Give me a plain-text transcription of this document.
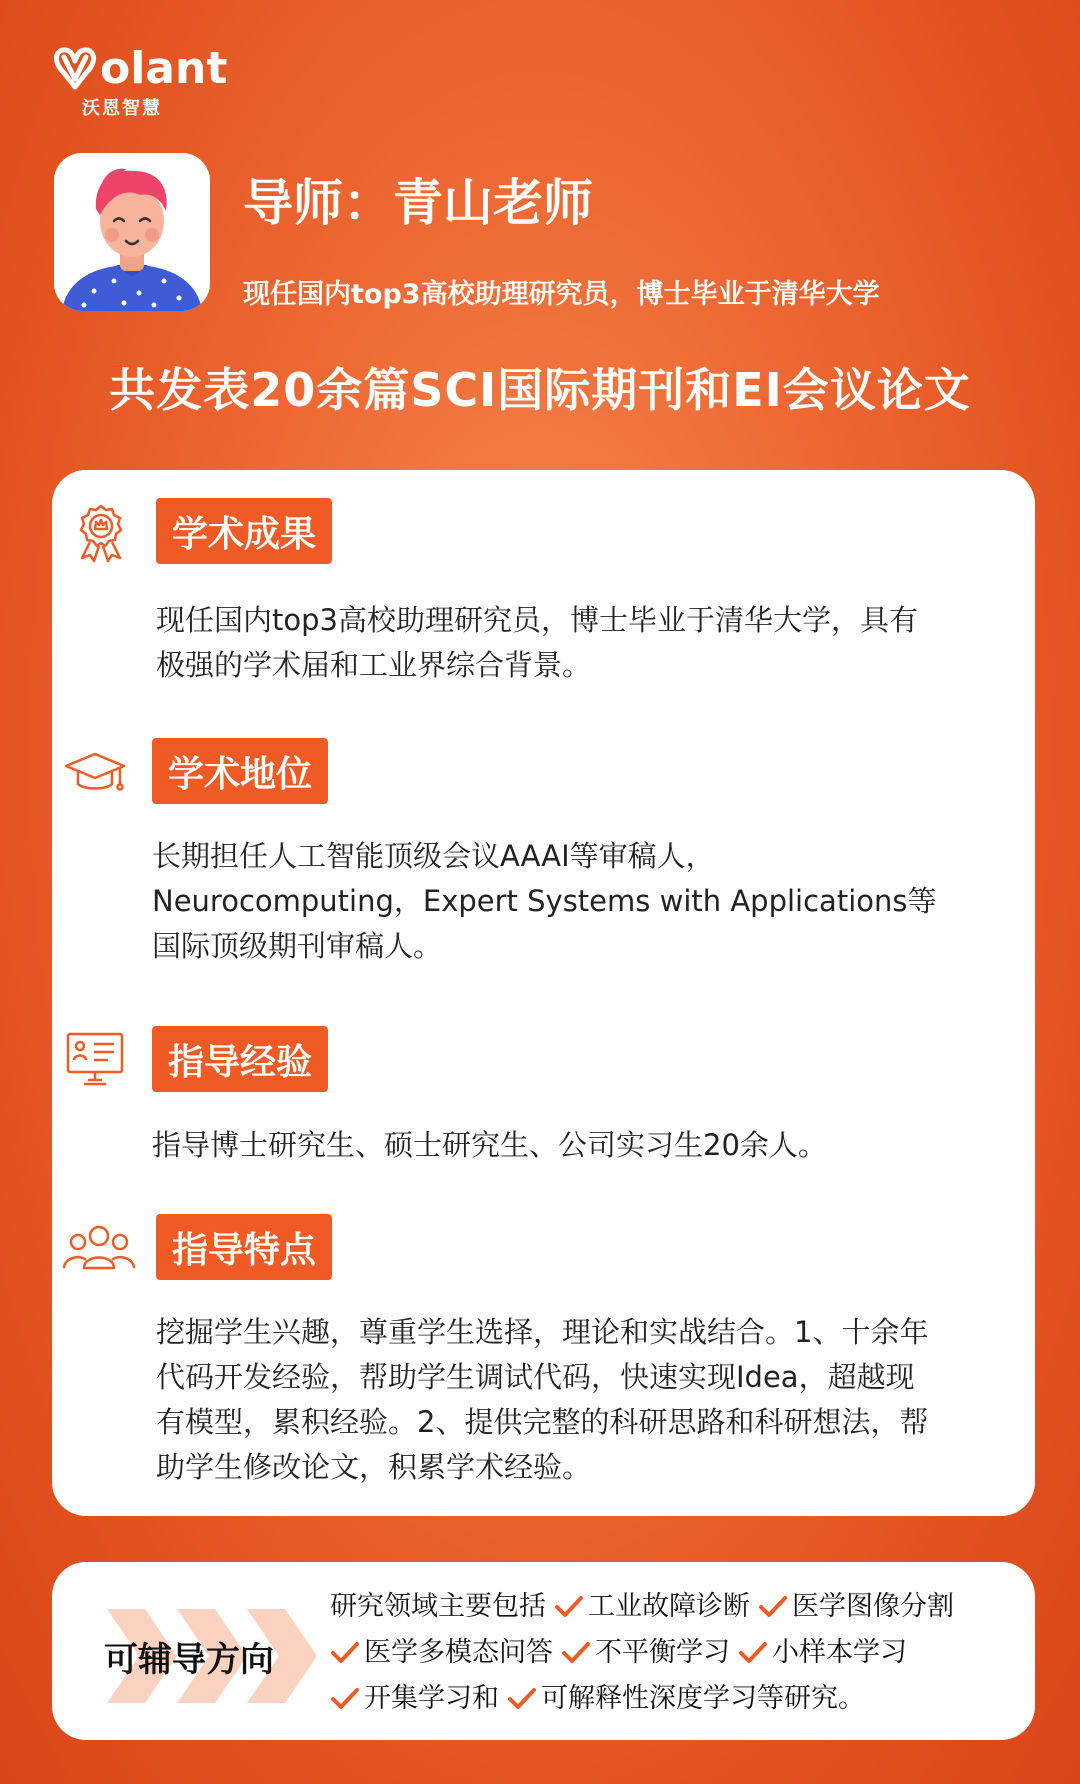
olant
沃恩智慧
导师：青山老师
现任国内top3高校助理研究员，博士毕业于清华大学
共发表20余篇SCI国际期刊和EI会议论文
学术成果
现任国内top3高校助理研究员，博士毕业于清华大学，具有
极强的学术届和工业界综合背景。
学术地位
长期担任人工智能顶级会议AAAI等审稿人，
Neurocomputing，Expert Systems with Applications等
国际顶级期刊审稿人。
指导经验
指导博士研究生、硕士研究生、公司实习生20余人。
指导特点
挖掘学生兴趣，尊重学生选择，理论和实战结合。1、十余年
代码开发经验，帮助学生调试代码，快速实现Idea，超越现
有模型，累积经验。2、提供完整的科研思路和科研想法，帮
助学生修改论文，积累学术经验。
可辅导方向
研究领域主要包括 工业故障诊断 医学图像分割
医学多模态问答 不平衡学习 小样本学习
开集学习和 可解释性深度学习等研究。
